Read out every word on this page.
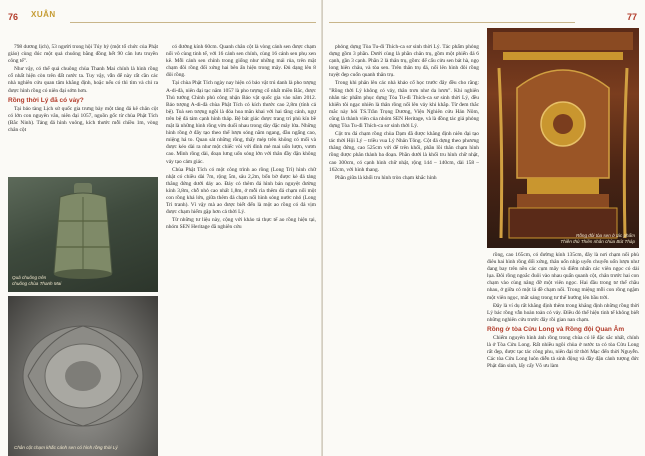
76 XUÂN

798 dương lịch), 53 người trong hội Túy hỷ (một tổ chức của Phật giáo) cùng đúc một quả chuông bằng đồng hết 90 cân lưu truyền công tế".

Như vậy, có thể quả chuông chùa Thanh Mai chính là hình rồng cổ nhất hiện còn trên đất nước ta. Tuy vậy, vẫn để này rất cần các nhà nghiên cứu quan tâm khẳng định, hoặc nếu có thì tìm và chỉ ra được hình rồng có niên đại sớm hơn.

Rồng thời Lý đã có vảy?

Tại bảo tàng Lịch sử quốc gia trưng bày một tảng đá kê chân cột có lớn con nguyên văn, niên đại 1057, nguồn gốc từ chùa Phật Tích (Bắc Ninh). Tảng đá hình vuông, kích thước mỗi chiều 1m, vòng chân cột

Quả chuông trên
chuông chùa Thanh Mai
Chân cột chạm khắc cánh sen có hình rồng thời Lý

có đường kính 60cm. Quanh chân cột là vòng cánh sen được chạm nổi vô cùng tinh tế, với 16 cánh sen chính, cùng 16 cánh sen phụ xen kẽ. Mỗi cánh sen chính trong giống như những mái rủa, trên mặt chạm đôi rồng đối xứng hai bên ẩn hiện trong mây. Đủ dạng lên 8 đôi rồng.

Tại chùa Phật Tích ngày nay hiện có bảo vật trú danh là pho tượng A-di-đà, niên đại tạc năm 1057 là pho tượng cổ nhất miền Bắc, được Thủ tướng Chính phủ công nhận Bảo vật quốc gia vào năm 2012. Bảo tượng A-di-đà chùa Phật Tích có kích thước cao 2,8m (tính cả bệ). Toà sen tượng ngồi là đóa hoa mãn khai với hai tầng cánh, ngự trên bệ đá tám cạnh hình tháp. Bệ bát giác được trang trí phù kín bề mặt là những hình rồng vờn duối nhau trong dày đặc mây lửa. Những hình rồng ở đây tạo theo thể lượn sóng nằm ngang, đầu ngẩng cao, miệng há to. Quan sát những rồng, thấy mép trên không có mối và được kéo dài ra như một chiếc vòi với đỉnh mẻ mai uốn lượn, vươn cao. Mình rồng dài, đoạn lưng uốn sóng lớn với thân đầy đặn không vảy tạo cảm giác.

Chùa Phật Tích có một công trình ao rồng (Long Trì) hình chữ nhật có chiều dài 7m, rộng 5m, sâu 2,2m, bốn bờ được kè đá tảng thẳng đứng dưới dáy ao. Đáy có thêm đá hình bán nguyệt đường kính 3,8m, chỗ nhỏ cao nhất 1,8m, ở mỗi rìa thêm đá chạm nổi một con rồng khá lớn, giữa thêm đá chạm nổi hình sóng nước nhỏ (Long Trì tranh). Vì vậy mà ao được biết đến là một ao rồng có đá vịm được chạm hiếm gặp hơn cả thời Lý.

Từ những tư liệu này, cộng với khảo tả thực tế ao rồng hiện tại, nhóm SEN Heritage đã nghiên cứu

77

phỏng dựng Tòa Tu-đi Thích-ca sơ sinh thời Lý. Tác phẩm phỏng dựng gồm 3 phần. Dưới cùng là phần chân trụ, gồm một phiến đá 6 cạnh, gần 3 cạnh. Phần 2 là thân trụ, gồm: đế cẩu cửu sen bát hà, ngọ long hiên châu, và tòa sen. Trên thân trụ đá, nổi lên hình đôi rồng tuyệt đẹp cuốn quanh thân trụ.

Trong khi phân lên các nhà khảo cổ học trước đây đều cho rằng: "Rồng thời Lý không có vảy, thân trơn như da lươn". Khi nghiên nhân tác phẩm phục dựng Tòa Tu-đi Thích-ca sơ sinh thời Lý, đều khiến tôi ngạc nhiên là thân rồng nổi lên vảy khi khắp. Từ đem thắc mắc này hỏi TS.Trần Trọng Dương, Viện Nghiên cứu Hán Nôm, cũng là thành viên của nhóm SEN Heritage, và là đồng tác giả phỏng dựng Tòa Tu-đi Thích-ca sơ sinh thời Lý.

Cột tru đá chạm rồng chùa Dạm đã được khẳng định niên đại tạo tác thời Hội Lý – triều vua Lý Nhân Tông. Cột đá dựng theo phương thẳng đứng, cao 525cm với đế trên khối, phần lõi thân chạm hình rồng được phân thành ba đoạn. Phần dưới là khối tru hình chữ nhật, cao 300cm, có cạnh hình chữ nhật, rộng 144 – 140cm, dài 158 – 162cm, với hình thang.

Phần giữa là khối tru hình tròn chạm khắc hình

Rồng đôi tòa sen ở tác phẩm
Thiền thủ Thiên nhân chùa Bút Tháp

rồng, cao 165cm, có đường kính 135cm, đây là nơi chạm nổi phù điêu hai hình rồng đối xứng, thân uốn nhịp uyển chuyển uốn lượn như đang bay trên nền các cụm mây và điểm nhấn các viên ngọc có dài lụa. Đôi rồng ngoắc đuôi vào nhau quấn quanh cột, chân trước hai con chạm vào cùng nâng đỡ một viên ngọc. Hai đầu trong tư thế chầu nhau, ở giữa có một lá đề chạm nổi. Trong miệng mỗi con rồng ngậm một viên ngọc, mắt sáng trong tư thế hướng lên bầu trời.

Đây là ví dụ rất khẳng định thêm trong khẳng định những rồng thời Lý bác rồng vẫn hoàn toàn có vảy. Điều đó thể hiện tinh tế không biết những nghiên cứu trước đây rồi gian nan chạm.

Rồng ở tòa Cửu Long và Rồng đội Quan Âm

Chiếm nguyên hình ảnh rồng trong chùa có lẽ đặc sắc nhất, chính là ở Tòa Cửu Long. Rất nhiều ngôi chùa ở nước ta có tòa Cửu Long rất đẹp, được tạc tác công phu, niên đại từ thời Mạc đến thời Nguyễn. Các tòa Cửu Long luôn diễn tả sinh động và đầy đặn cảnh tượng đức Phật đản sinh, lấy cấy Võ ưu làm
